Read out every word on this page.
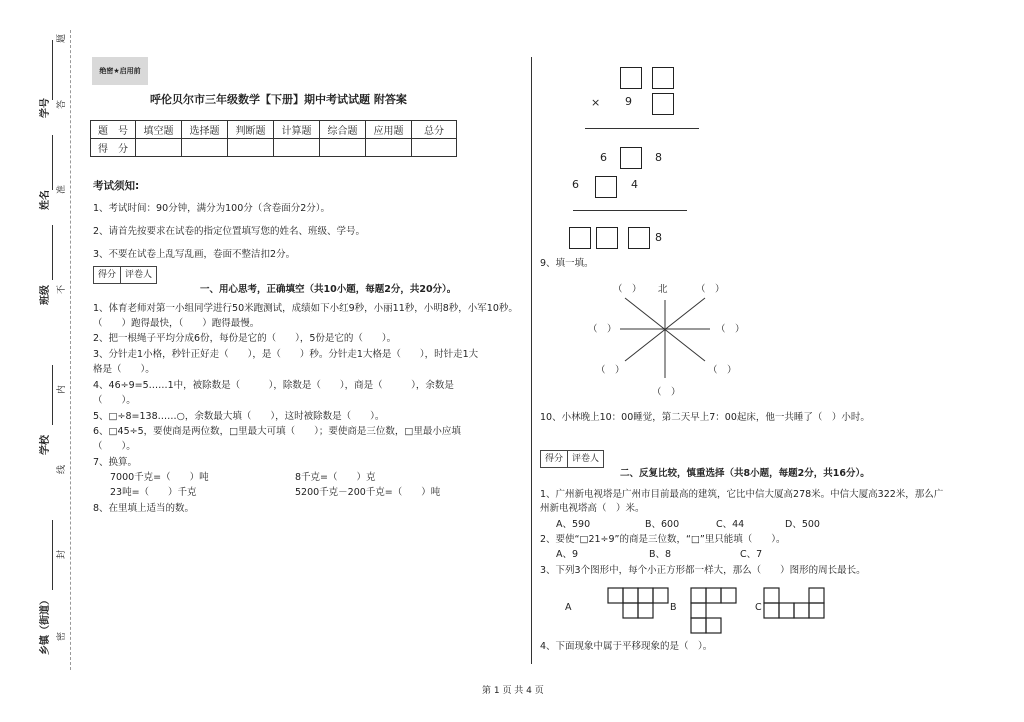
学号
姓名
班级
学校
乡镇（街道）
题
答
准
不
内
线
封
密
绝密★启用前
呼伦贝尔市三年级数学【下册】期中考试试题 附答案
题　号	填空题	选择题	判断题	计算题	综合题	应用题	总分
得　分							
考试须知:
1、考试时间：90分钟，满分为100分（含卷面分2分）。
2、请首先按要求在试卷的指定位置填写您的姓名、班级、学号。
3、不要在试卷上乱写乱画，卷面不整洁扣2分。
得分 评卷人
一、用心思考，正确填空（共10小题，每题2分，共20分）。
1、体育老师对第一小组同学进行50米跑测试，成绩如下小红9秒，小丽11秒，小明8秒，小军10秒。
（　　）跑得最快，（　　）跑得最慢。
2、把一根绳子平均分成6份，每份是它的（　　），5份是它的（　　）。
3、分针走1小格，秒针正好走（　　），是（　　）秒。分针走1大格是（　　），时针走1大
格是（　　）。
4、46÷9=5……1中，被除数是（　　　），除数是（　　），商是（　　　），余数是
（　　）。
5、□÷8=138……○，余数最大填（　　），这时被除数是（　　）。
6、□45÷5，要使商是两位数，□里最大可填（　　）；要使商是三位数，□里最小应填
（　　）。
7、换算。
7000千克=（　　）吨	8千克=（　　）克
23吨=（　　）千克	5200千克－200千克=（　　）吨
8、在里填上适当的数。
× 9
6	8
6	4
8
9、填一填。
（　） 北	（　）
（　）	（　）
（　）	（　）
（　）
10、小林晚上10：00睡觉，第二天早上7：00起床，他一共睡了（　）小时。
得分 评卷人
二、反复比较，慎重选择（共8小题，每题2分，共16分）。
1、广州新电视塔是广州市目前最高的建筑，它比中信大厦高278米。中信大厦高322米，那么广
州新电视塔高（　）米。
A、590	B、600	C、44	D、500
2、要使“□21÷9”的商是三位数，“□”里只能填（　　）。
A、9	B、8	C、7
3、下列3个图形中，每个小正方形都一样大，那么（　　）图形的周长最长。
A	B	C
4、下面现象中属于平移现象的是（　）。
第 1 页 共 4 页
